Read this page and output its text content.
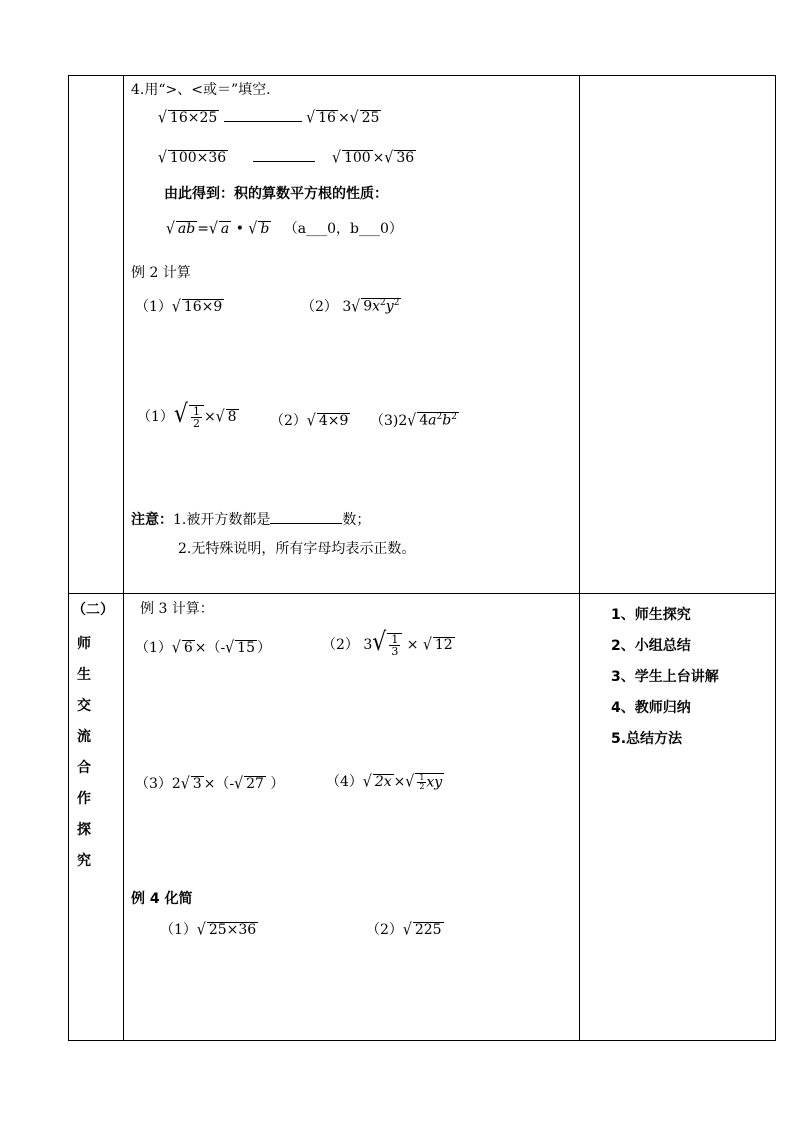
4.用“>、<或＝”填空.
√ 16×25	√ 16 ×√ 25
√ 100×36	√ 100 ×√ 36
由此得到：积的算数平方根的性质：
√ ab =√ a • √ b （a___0，b___0）
例 2 计算
（1）√ 16×9	（2） 3√ $9x^2y^2$
$(1)√ \frac{1}{2}$ ×√ 8 （2）√ 4×9 （3)2√ $4a^2b^2$
注意：1.被开方数都是	数；
2.无特殊说明，所有字母均表示正数。
（二）
师
生
交
流
合
作
探
究
例 3 计算：
（1）√ 6 ×（-√ 15 ）	（2） $3√ \frac{1}{3}$ × √ 12
（3）2√ 3 ×（-√ 27 ）	（4）√ 2x ×√ $\frac{1}{2}$ xy
例 4 化简
（1）√ 25×36	（2）√ 225
1、师生探究
2、小组总结
3、学生上台讲解
4、教师归纳
5.总结方法
